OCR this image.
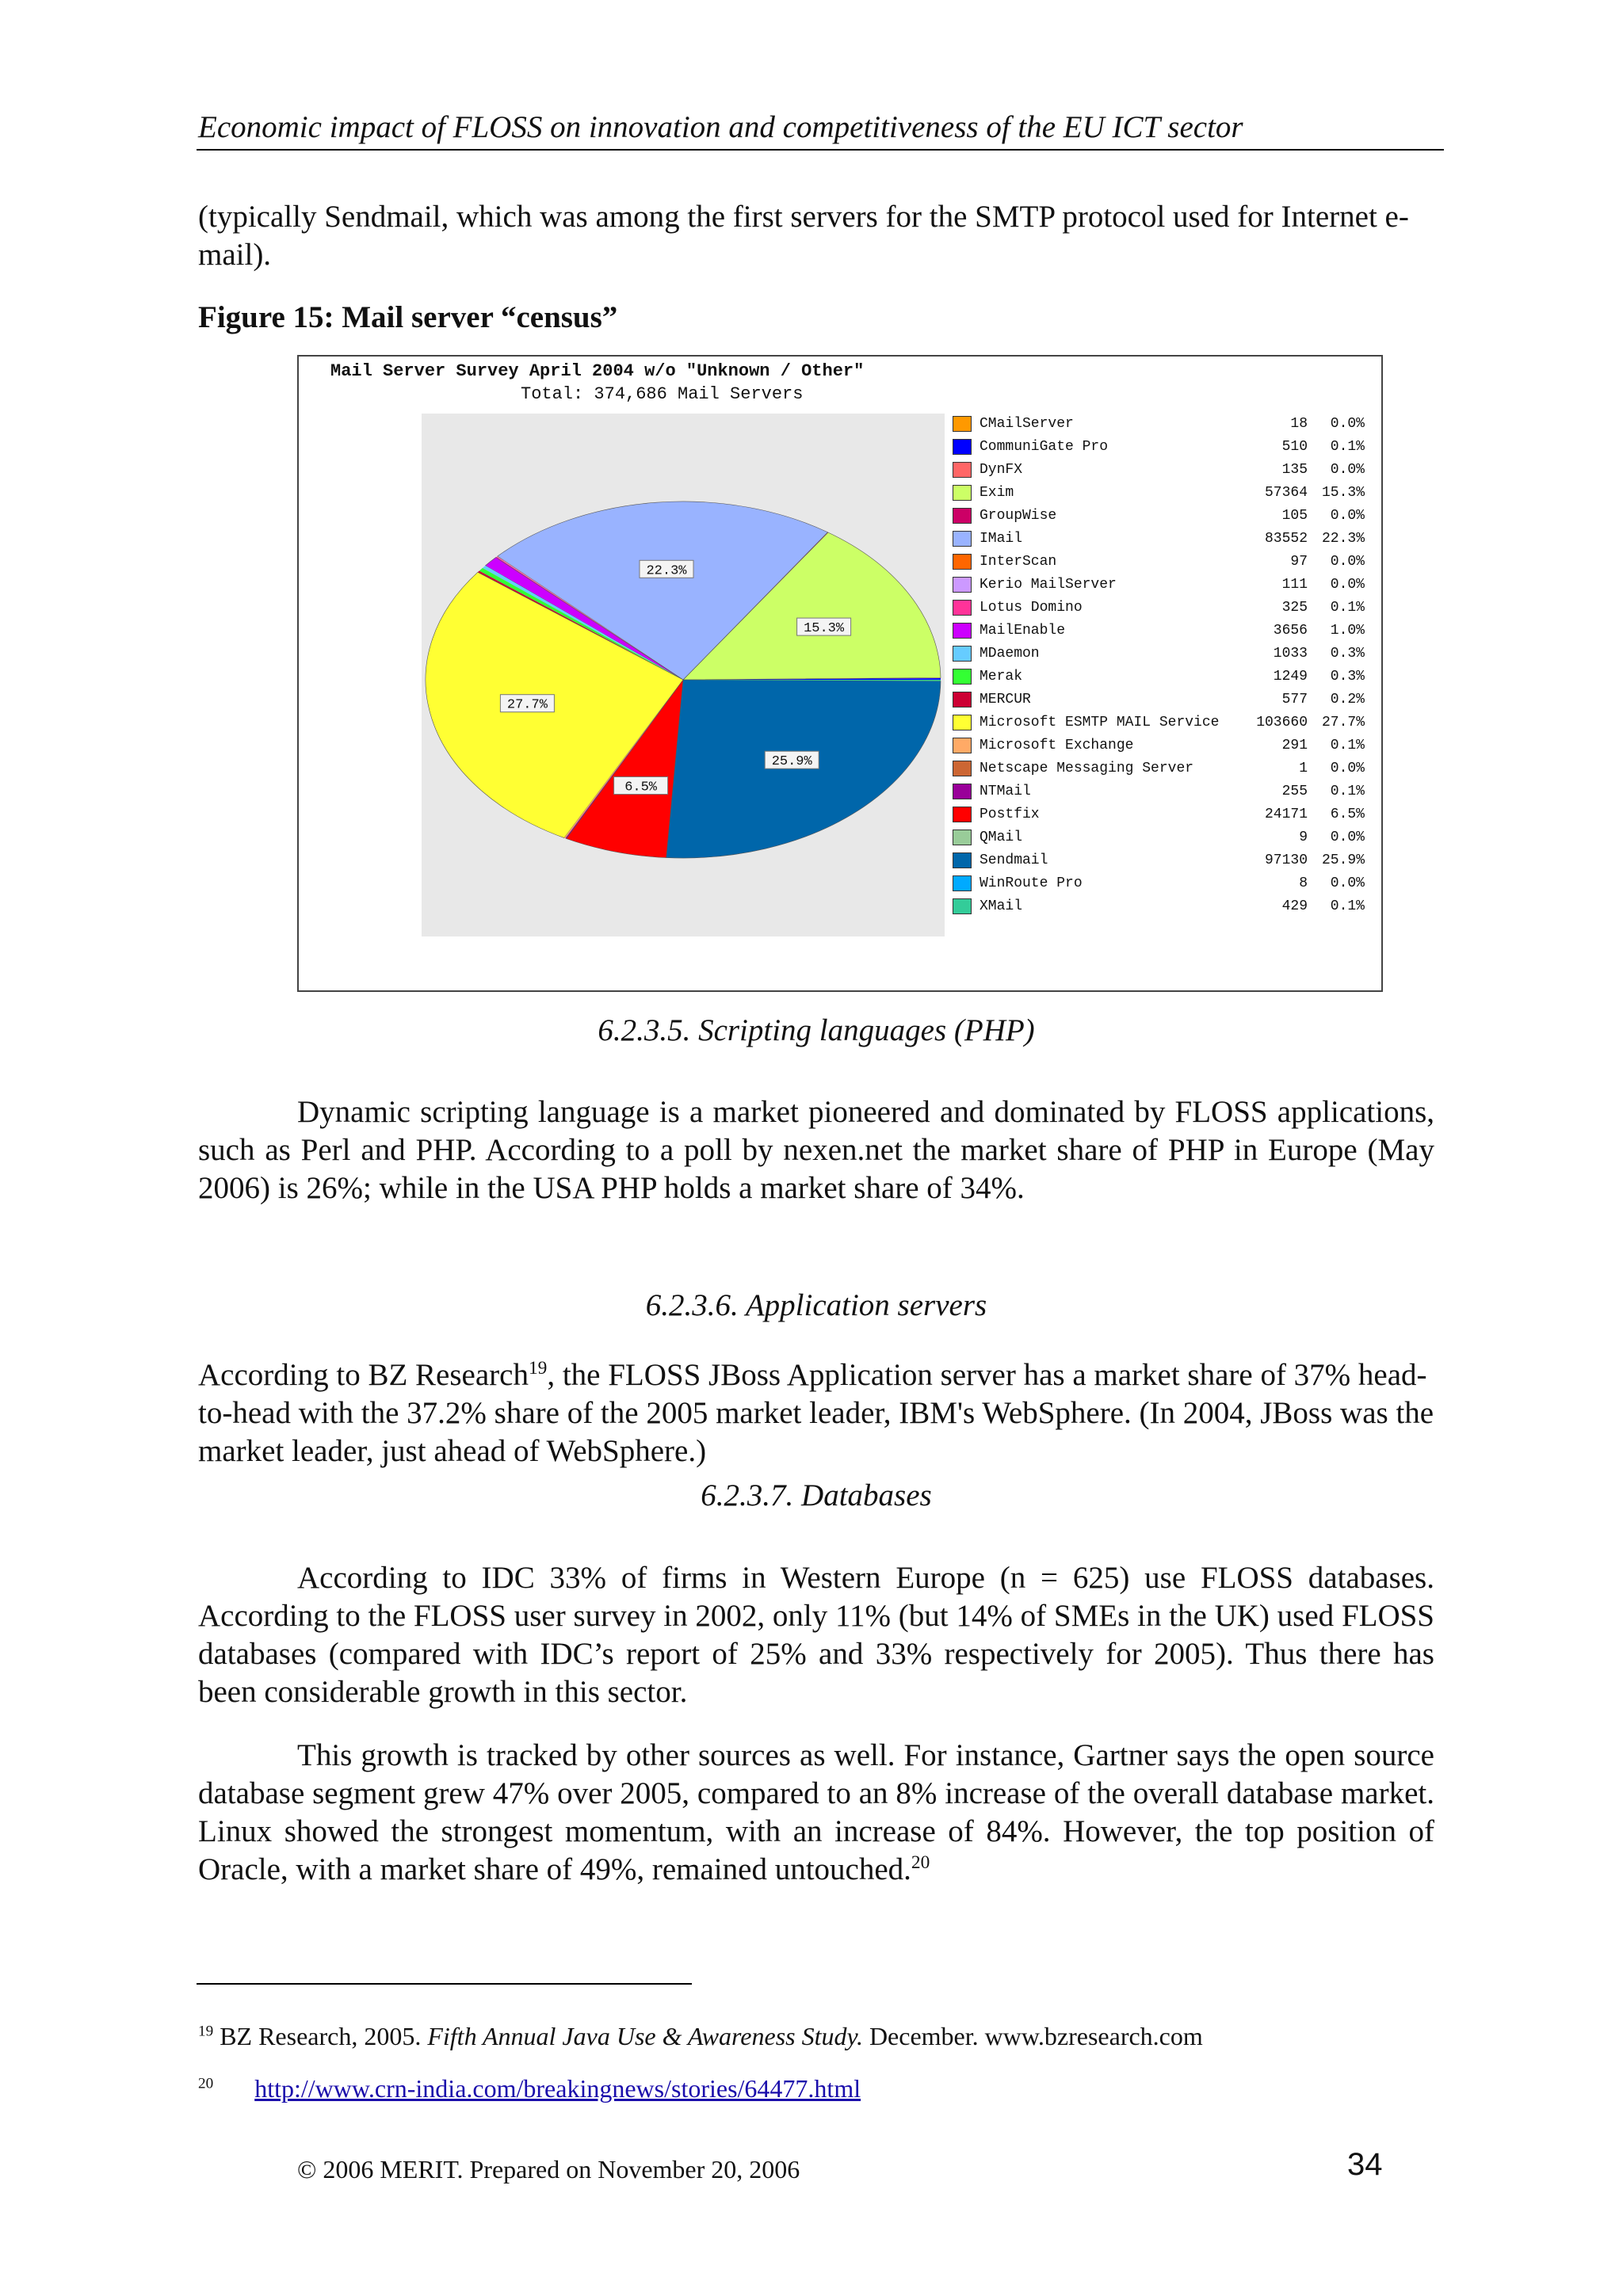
Economic impact of FLOSS on innovation and competitiveness of the EU ICT sector
(typically Sendmail, which was among the first servers for the SMTP protocol used for Internet e-mail).
Figure 15: Mail server “census”
Mail Server Survey April 2004 w/o "Unknown / Other"
Total: 374,686 Mail Servers
27.7%
6.5%
25.9%
15.3%
22.3%
CMailServer	18 0.0%
CommuniGate Pro	510 0.1%
DynFX	135 0.0%
Exim	57364 15.3%
GroupWise	105 0.0%
IMail	83552 22.3%
InterScan	97 0.0%
Kerio MailServer	111 0.0%
Lotus Domino	325 0.1%
MailEnable	3656 1.0%
MDaemon	1033 0.3%
Merak	1249 0.3%
MERCUR	577 0.2%
Microsoft ESMTP MAIL Service	103660 27.7%
Microsoft Exchange	291 0.1%
Netscape Messaging Server	1 0.0%
NTMail	255 0.1%
Postfix	24171 6.5%
QMail	9 0.0%
Sendmail	97130 25.9%
WinRoute Pro	8 0.0%
XMail	429 0.1%
6.2.3.5. Scripting languages (PHP)
Dynamic scripting language is a market pioneered and dominated by FLOSS applications, such as Perl and PHP. According to a poll by nexen.net the market share of PHP in Europe (May 2006) is 26%; while in the USA PHP holds a market share of 34%.
6.2.3.6. Application servers
According to BZ Research$^{19}$, the FLOSS JBoss Application server has a market share of 37% head-to-head with the 37.2% share of the 2005 market leader, IBM's WebSphere. (In 2004, JBoss was the market leader, just ahead of WebSphere.)
6.2.3.7. Databases
According to IDC 33% of firms in Western Europe (n = 625) use FLOSS databases. According to the FLOSS user survey in 2002, only 11% (but 14% of SMEs in the UK) used FLOSS databases (compared with IDC’s report of 25% and 33% respectively for 2005). Thus there has been considerable growth in this sector.
This growth is tracked by other sources as well. For instance, Gartner says the open source database segment grew 47% over 2005, compared to an 8% increase of the overall database market. Linux showed the strongest momentum, with an increase of 84%. However, the top position of Oracle, with a market share of 49%, remained untouched.$^{20}$
$^{19}$ BZ Research, 2005. Fifth Annual Java Use & Awareness Study. December. www.bzresearch.com
$^{20}$ http://www.crn-india.com/breakingnews/stories/64477.html
© 2006 MERIT. Prepared on November 20, 2006	34
